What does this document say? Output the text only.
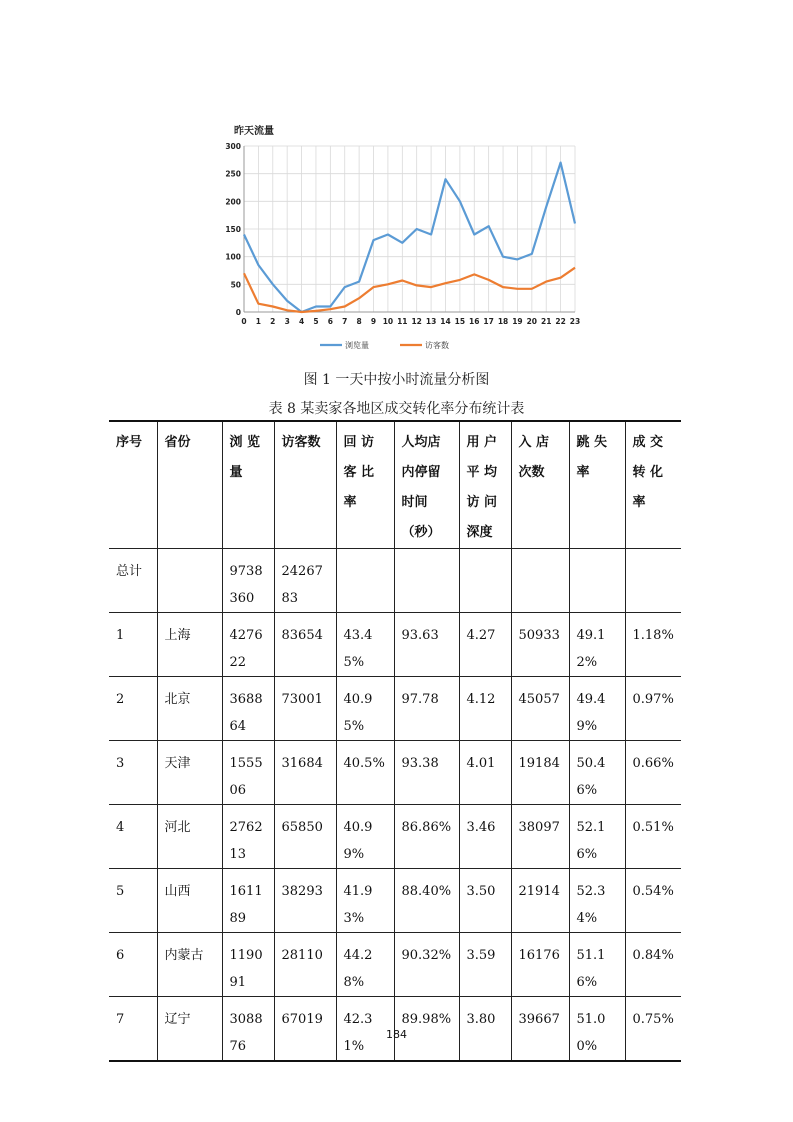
昨天流量
0
50
100
150
200
250
300
0 1 2 3 4 5 6 7 8 9 10 11 12 13 14 15 16 17 18 19 20 21 22 23
浏览量	访客数
图 1 一天中按小时流量分析图
表 8 某卖家各地区成交转化率分布统计表
序号	省份	浏 览 量	访客数	回 访 客 比 率	人均店内停留时间（秒）	用 户 平 均 访 问 深度	入 店 次数	跳 失 率	成 交 转 化 率
总计		9738360	2426783						
1	上海	427622	83654	43.45%	93.63	4.27	50933	49.12%	1.18%
2	北京	368864	73001	40.95%	97.78	4.12	45057	49.49%	0.97%
3	天津	155506	31684	40.5%	93.38	4.01	19184	50.46%	0.66%
4	河北	276213	65850	40.99%	86.86%	3.46	38097	52.16%	0.51%
5	山西	161189	38293	41.93%	88.40%	3.50	21914	52.34%	0.54%
6	内蒙古	119091	28110	44.28%	90.32%	3.59	16176	51.16%	0.84%
7	辽宁	308876	67019	42.31%	89.98%	3.80	39667	51.00%	0.75%
184
